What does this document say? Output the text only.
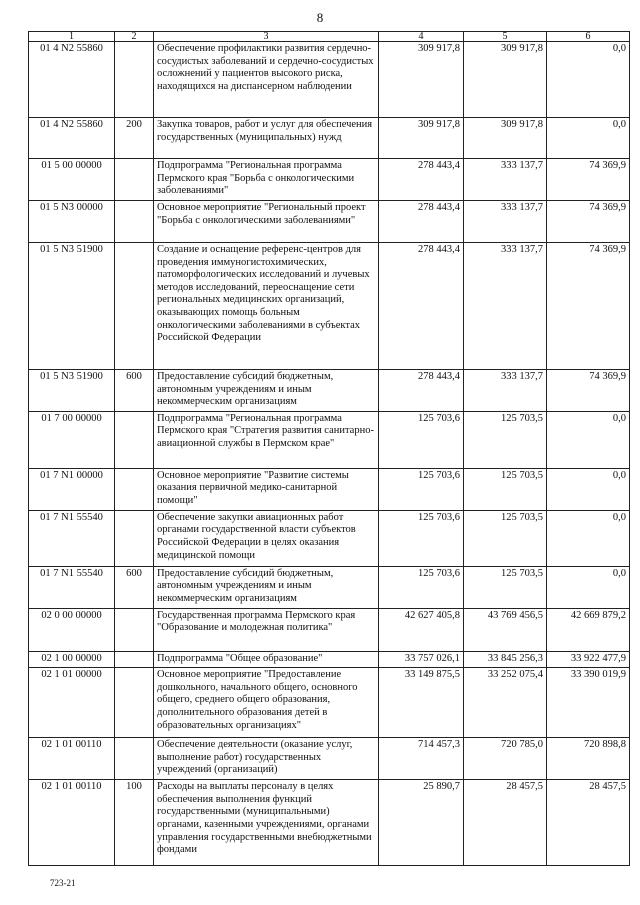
8
1	2	3	4	5	6
01 4 N2 55860		Обеспечение профилактики развития сердечно-сосудистых заболеваний и сердечно-сосудистых осложнений у пациентов высокого риска, находящихся на диспансерном наблюдении	309 917,8	309 917,8	0,0
01 4 N2 55860	200	Закупка товаров, работ и услуг для обеспечения государственных (муниципальных) нужд	309 917,8	309 917,8	0,0
01 5 00 00000		Подпрограмма "Региональная программа Пермского края "Борьба с онкологическими заболеваниями"	278 443,4	333 137,7	74 369,9
01 5 N3 00000		Основное мероприятие "Региональный проект "Борьба с онкологическими заболеваниями"	278 443,4	333 137,7	74 369,9
01 5 N3 51900		Создание и оснащение референс-центров для проведения иммуногистохимических, патоморфологических исследований и лучевых методов исследований, переоснащение сети региональных медицинских организаций, оказывающих помощь больным онкологическими заболеваниями в субъектах Российской Федерации	278 443,4	333 137,7	74 369,9
01 5 N3 51900	600	Предоставление субсидий бюджетным, автономным учреждениям и иным некоммерческим организациям	278 443,4	333 137,7	74 369,9
01 7 00 00000		Подпрограмма "Региональная программа Пермского края "Стратегия развития санитарно-авиационной службы в Пермском крае"	125 703,6	125 703,5	0,0
01 7 N1 00000		Основное мероприятие "Развитие системы оказания первичной медико-санитарной помощи"	125 703,6	125 703,5	0,0
01 7 N1 55540		Обеспечение закупки авиационных работ органами государственной власти субъектов Российской Федерации в целях оказания медицинской помощи	125 703,6	125 703,5	0,0
01 7 N1 55540	600	Предоставление субсидий бюджетным, автономным учреждениям и иным некоммерческим организациям	125 703,6	125 703,5	0,0
02 0 00 00000		Государственная программа Пермского края "Образование и молодежная политика"	42 627 405,8	43 769 456,5	42 669 879,2
02 1 00 00000		Подпрограмма "Общее образование"	33 757 026,1	33 845 256,3	33 922 477,9
02 1 01 00000		Основное мероприятие "Предоставление дошкольного, начального общего, основного общего, среднего общего образования, дополнительного образования детей в образовательных организациях"	33 149 875,5	33 252 075,4	33 390 019,9
02 1 01 00110		Обеспечение деятельности (оказание услуг, выполнение работ) государственных учреждений (организаций)	714 457,3	720 785,0	720 898,8
02 1 01 00110	100	Расходы на выплаты персоналу в целях обеспечения выполнения функций государственными (муниципальными) органами, казенными учреждениями, органами управления государственными внебюджетными фондами	25 890,7	28 457,5	28 457,5
723-21
